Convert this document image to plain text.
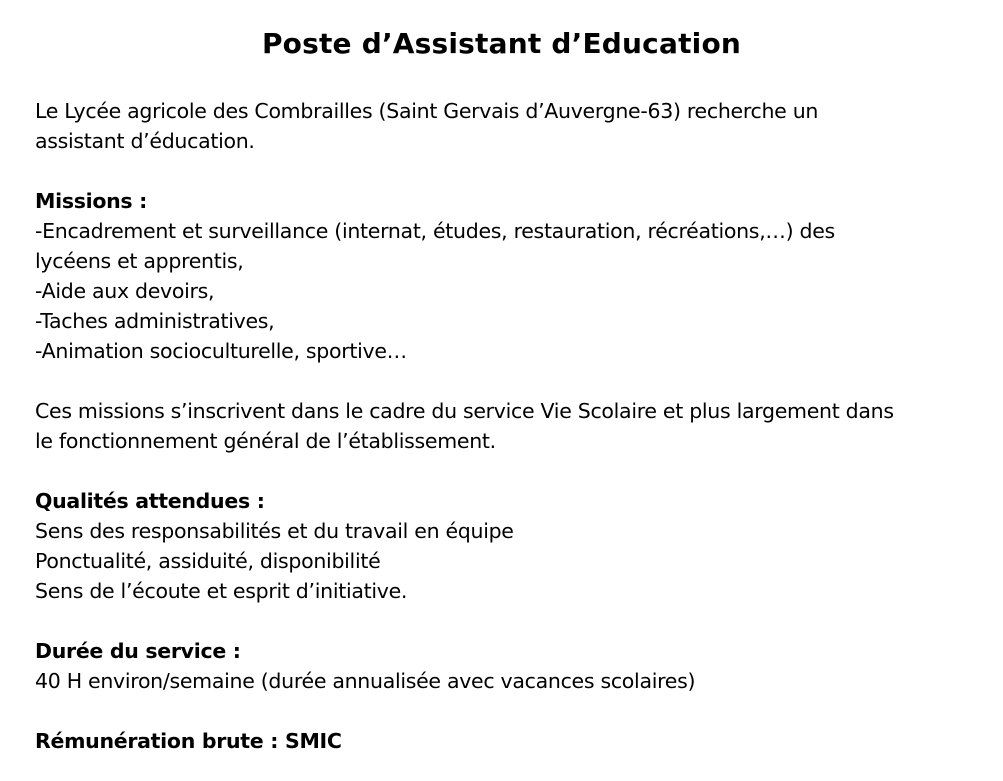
Poste d’Assistant d’Education
Le Lycée agricole des Combrailles (Saint Gervais d’Auvergne-63) recherche un
assistant d’éducation.
Missions :
-Encadrement et surveillance (internat, études, restauration, récréations,…) des
lycéens et apprentis,
-Aide aux devoirs,
-Taches administratives,
-Animation socioculturelle, sportive…
Ces missions s’inscrivent dans le cadre du service Vie Scolaire et plus largement dans
le fonctionnement général de l’établissement.
Qualités attendues :
Sens des responsabilités et du travail en équipe
Ponctualité, assiduité, disponibilité
Sens de l’écoute et esprit d’initiative.
Durée du service :
40 H environ/semaine (durée annualisée avec vacances scolaires)
Rémunération brute : SMIC
